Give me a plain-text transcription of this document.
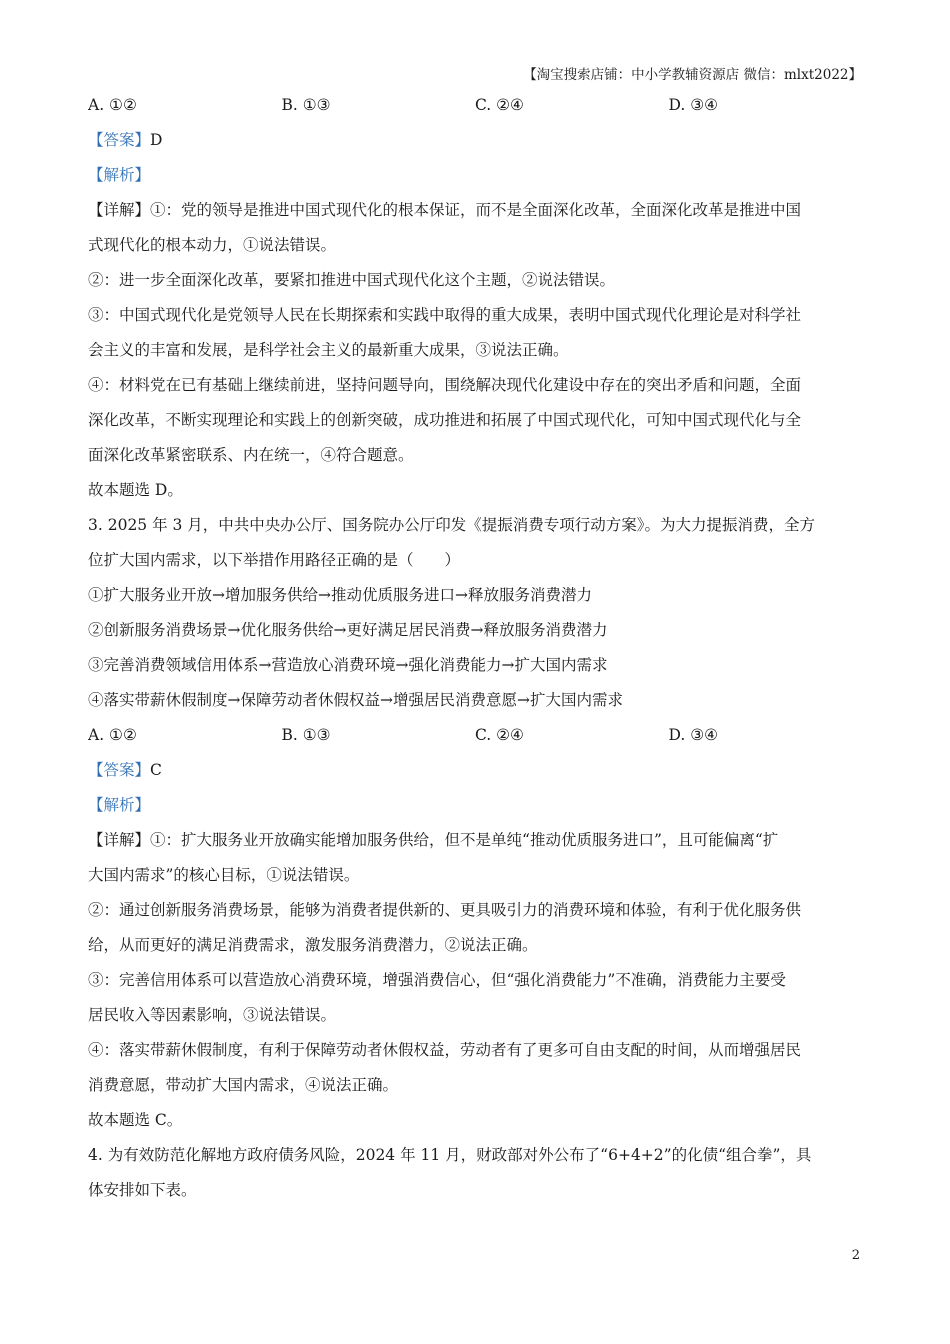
【淘宝搜索店铺：中小学教辅资源店 微信：mlxt2022】
A. ①②	B. ①③	C. ②④	D. ③④
【答案】D
【解析】
【详解】①：党的领导是推进中国式现代化的根本保证，而不是全面深化改革，全面深化改革是推进中国
式现代化的根本动力，①说法错误。
②：进一步全面深化改革，要紧扣推进中国式现代化这个主题，②说法错误。
③：中国式现代化是党领导人民在长期探索和实践中取得的重大成果，表明中国式现代化理论是对科学社
会主义的丰富和发展，是科学社会主义的最新重大成果，③说法正确。
④：材料党在已有基础上继续前进，坚持问题导向，围绕解决现代化建设中存在的突出矛盾和问题，全面
深化改革，不断实现理论和实践上的创新突破，成功推进和拓展了中国式现代化，可知中国式现代化与全
面深化改革紧密联系、内在统一，④符合题意。
故本题选 D。
3. 2025 年 3 月，中共中央办公厅、国务院办公厅印发《提振消费专项行动方案》。为大力提振消费，全方
位扩大国内需求，以下举措作用路径正确的是（　　）
①扩大服务业开放→增加服务供给→推动优质服务进口→释放服务消费潜力
②创新服务消费场景→优化服务供给→更好满足居民消费→释放服务消费潜力
③完善消费领域信用体系→营造放心消费环境→强化消费能力→扩大国内需求
④落实带薪休假制度→保障劳动者休假权益→增强居民消费意愿→扩大国内需求
A. ①②	B. ①③	C. ②④	D. ③④
【答案】C
【解析】
【详解】①：扩大服务业开放确实能增加服务供给，但不是单纯“推动优质服务进口”，且可能偏离“扩
大国内需求”的核心目标，①说法错误。
②：通过创新服务消费场景，能够为消费者提供新的、更具吸引力的消费环境和体验，有利于优化服务供
给，从而更好的满足消费需求，激发服务消费潜力，②说法正确。
③：完善信用体系可以营造放心消费环境，增强消费信心，但“强化消费能力”不准确，消费能力主要受
居民收入等因素影响，③说法错误。
④：落实带薪休假制度，有利于保障劳动者休假权益，劳动者有了更多可自由支配的时间，从而增强居民
消费意愿，带动扩大国内需求，④说法正确。
故本题选 C。
4. 为有效防范化解地方政府债务风险，2024 年 11 月，财政部对外公布了“6+4+2”的化债“组合拳”，具
体安排如下表。
2
